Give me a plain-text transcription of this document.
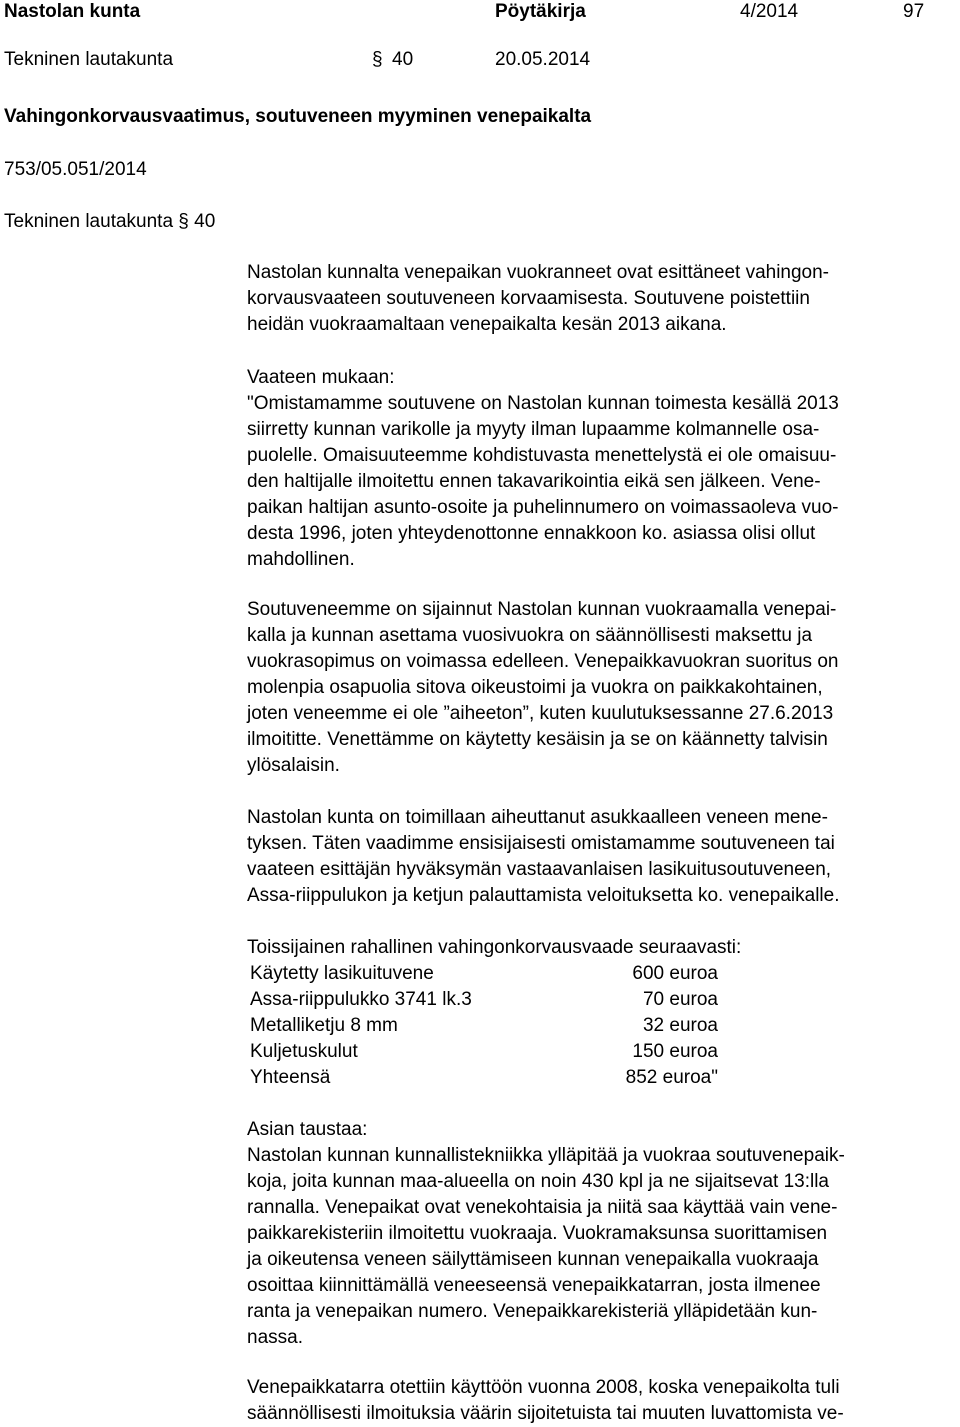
Nastolan kunta	Pöytäkirja	4/2014	97
Tekninen lautakunta	§ 40	20.05.2014
Vahingonkorvausvaatimus, soutuveneen myyminen venepaikalta
753/05.051/2014
Tekninen lautakunta § 40
Nastolan kunnalta venepaikan vuokranneet ovat esittäneet vahingon-
korvausvaateen soutuveneen korvaamisesta. Soutuvene poistettiin
heidän vuokraamaltaan venepaikalta kesän 2013 aikana.
Vaateen mukaan:
"Omistamamme soutuvene on Nastolan kunnan toimesta kesällä 2013
siirretty kunnan varikolle ja myyty ilman lupaamme kolmannelle osa-
puolelle. Omaisuuteemme kohdistuvasta menettelystä ei ole omaisuu-
den haltijalle ilmoitettu ennen takavarikointia eikä sen jälkeen. Vene-
paikan haltijan asunto-osoite ja puhelinnumero on voimassaoleva vuo-
desta 1996, joten yhteydenottonne ennakkoon ko. asiassa olisi ollut
mahdollinen.
Soutuveneemme on sijainnut Nastolan kunnan vuokraamalla venepai-
kalla ja kunnan asettama vuosivuokra on säännöllisesti maksettu ja
vuokrasopimus on voimassa edelleen. Venepaikkavuokran suoritus on
molenpia osapuolia sitova oikeustoimi ja vuokra on paikkakohtainen,
joten veneemme ei ole ”aiheeton”, kuten kuulutuksessanne 27.6.2013
ilmoititte. Venettämme on käytetty kesäisin ja se on käännetty talvisin
ylösalaisin.
Nastolan kunta on toimillaan aiheuttanut asukkaalleen veneen mene-
tyksen. Täten vaadimme ensisijaisesti omistamamme soutuveneen tai
vaateen esittäjän hyväksymän vastaavanlaisen lasikuitusoutuveneen,
Assa-riippulukon ja ketjun palauttamista veloituksetta ko. venepaikalle.
Toissijainen rahallinen vahingonkorvausvaade seuraavasti:
Käytetty lasikuituvene	600 euroa
Assa-riippulukko 3741 lk.3	70 euroa
Metalliketju 8 mm	32 euroa
Kuljetuskulut	150 euroa
Yhteensä	852 euroa"
Asian taustaa:
Nastolan kunnan kunnallistekniikka ylläpitää ja vuokraa soutuvenepaik-
koja, joita kunnan maa-alueella on noin 430 kpl ja ne sijaitsevat 13:lla
rannalla. Venepaikat ovat venekohtaisia ja niitä saa käyttää vain vene-
paikkarekisteriin ilmoitettu vuokraaja. Vuokramaksunsa suorittamisen
ja oikeutensa veneen säilyttämiseen kunnan venepaikalla vuokraaja
osoittaa kiinnittämällä veneeseensä venepaikkatarran, josta ilmenee
ranta ja venepaikan numero. Venepaikkarekisteriä ylläpidetään kun-
nassa.
Venepaikkatarra otettiin käyttöön vuonna 2008, koska venepaikolta tuli
säännöllisesti ilmoituksia väärin sijoitetuista tai muuten luvattomista ve-
